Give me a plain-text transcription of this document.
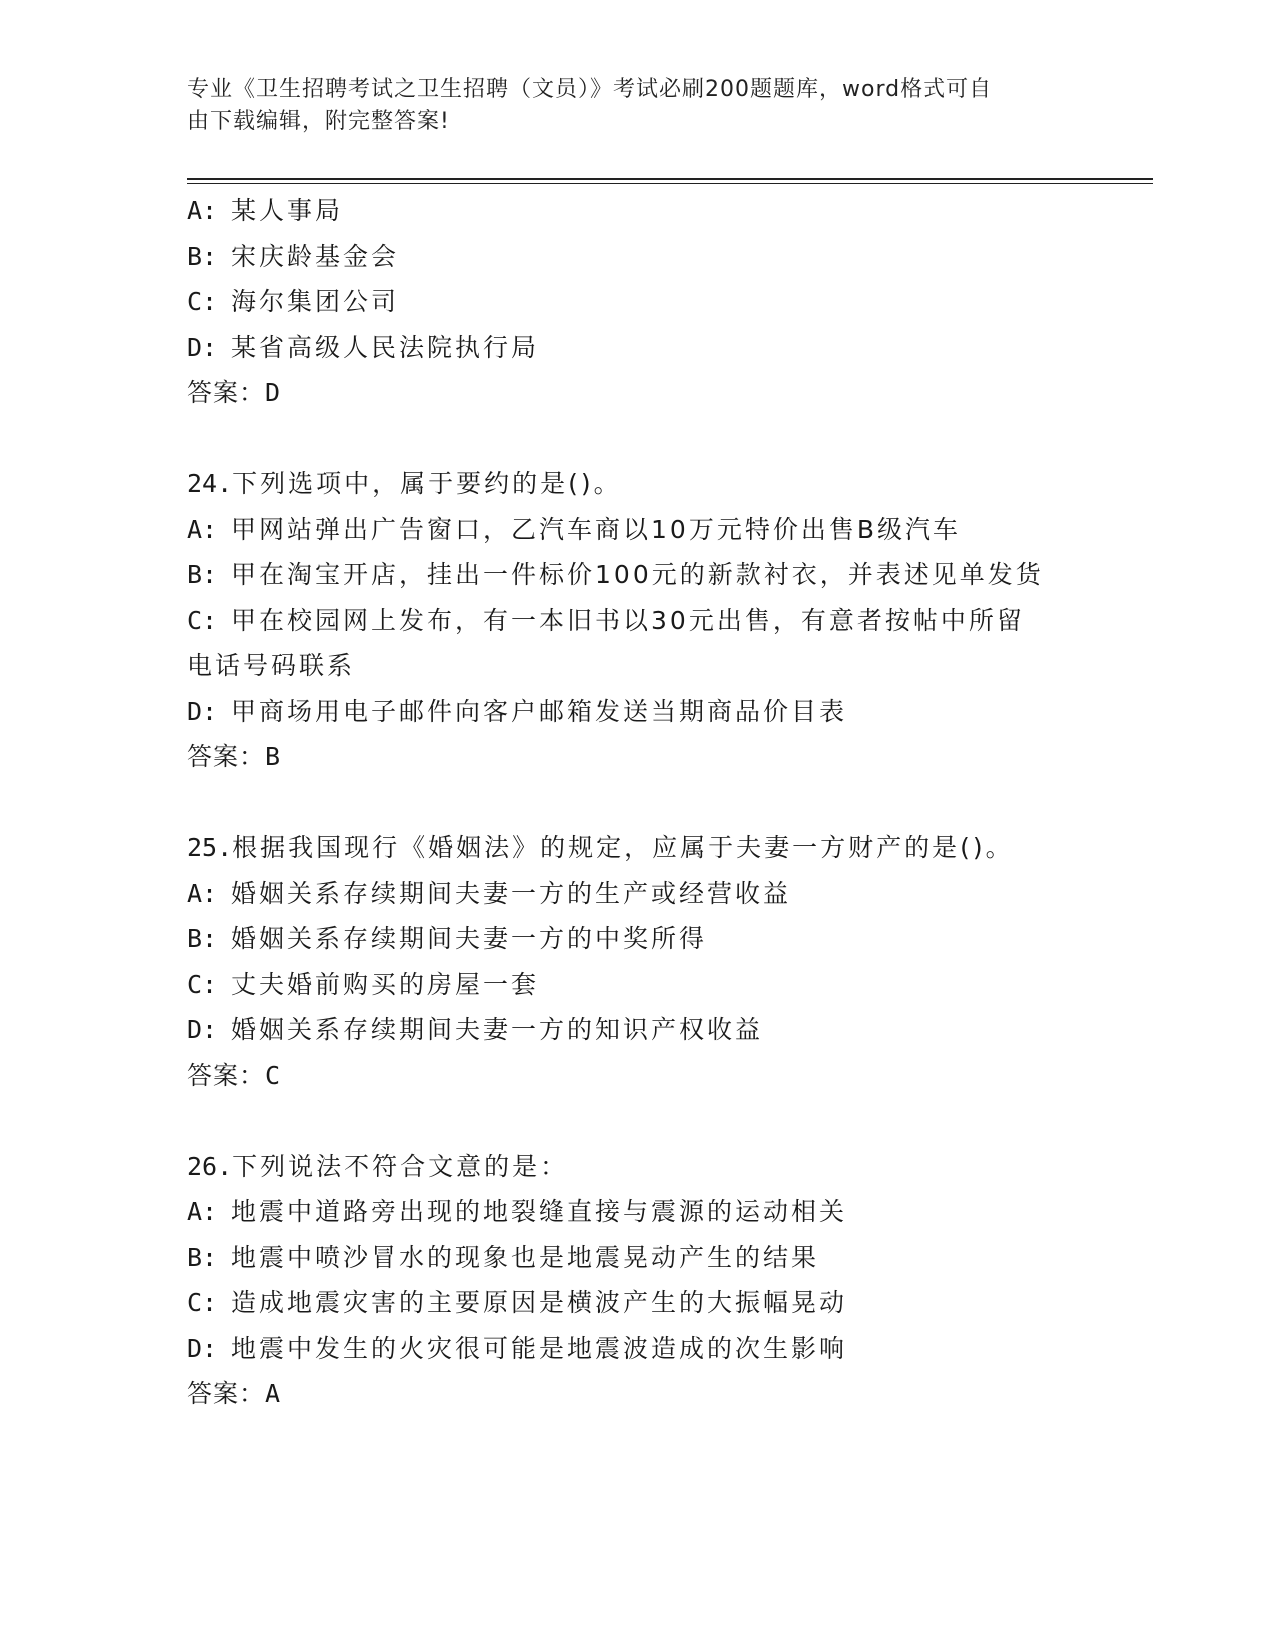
专业《卫生招聘考试之卫生招聘（文员）》考试必刷200题题库，word格式可自
由下载编辑，附完整答案!
A: 某人事局
B: 宋庆龄基金会
C: 海尔集团公司
D: 某省高级人民法院执行局
答案：D
24.下列选项中，属于要约的是()。
A: 甲网站弹出广告窗口，乙汽车商以10万元特价出售B级汽车
B: 甲在淘宝开店，挂出一件标价100元的新款衬衣，并表述见单发货
C: 甲在校园网上发布，有一本旧书以30元出售，有意者按帖中所留
电话号码联系
D: 甲商场用电子邮件向客户邮箱发送当期商品价目表
答案：B
25.根据我国现行《婚姻法》的规定，应属于夫妻一方财产的是()。
A: 婚姻关系存续期间夫妻一方的生产或经营收益
B: 婚姻关系存续期间夫妻一方的中奖所得
C: 丈夫婚前购买的房屋一套
D: 婚姻关系存续期间夫妻一方的知识产权收益
答案：C
26.下列说法不符合文意的是：
A: 地震中道路旁出现的地裂缝直接与震源的运动相关
B: 地震中喷沙冒水的现象也是地震晃动产生的结果
C: 造成地震灾害的主要原因是横波产生的大振幅晃动
D: 地震中发生的火灾很可能是地震波造成的次生影响
答案：A
